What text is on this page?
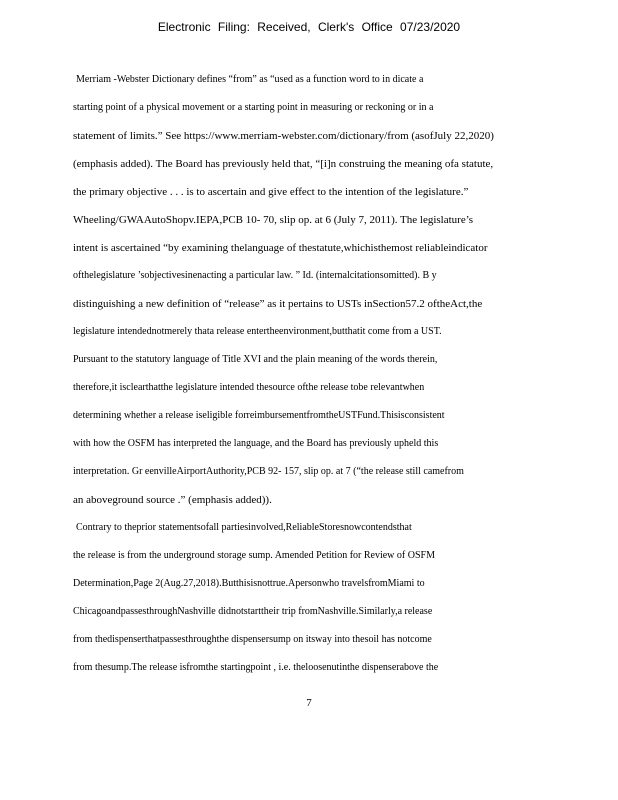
Electronic Filing: Received, Clerk's Office 07/23/2020
Merriam -Webster Dictionary defines “from” as “used as a function word to in dicate a
starting point of a physical movement or a starting point in measuring or reckoning or in a
statement of limits.” See https://www.merriam-webster.com/dictionary/from (asofJuly 22,2020)
(emphasis added). The Board has previously held that, “[i]n construing the meaning ofa statute,
the primary objective . . . is to ascertain and give effect to the intention of the legislature.”
Wheeling/GWAAutoShopv.IEPA,PCB 10- 70, slip op. at 6 (July 7, 2011). The legislature’s
intent is ascertained “by examining thelanguage of thestatute,whichisthemost reliableindicator
ofthelegislature ’sobjectivesinenacting a particular law. ” Id. (internalcitationsomitted). B y
distinguishing a new definition of “release” as it pertains to USTs inSection57.2 oftheAct,the
legislature intendednotmerely thata release entertheenvironment,butthatit come from a UST.
Pursuant to the statutory language of Title XVI and the plain meaning of the words therein,
therefore,it isclearthatthe legislature intended thesource ofthe release tobe relevantwhen
determining whether a release iseligible forreimbursementfromtheUSTFund.Thisisconsistent
with how the OSFM has interpreted the language, and the Board has previously upheld this
interpretation. Gr eenvilleAirportAuthority,PCB 92- 157, slip op. at 7 (“the release still camefrom
an aboveground source .” (emphasis added)).
Contrary to theprior statementsofall partiesinvolved,ReliableStoresnowcontendsthat
the release is from the underground storage sump. Amended Petition for Review of OSFM
Determination,Page 2(Aug.27,2018).Butthisisnottrue.Apersonwho travelsfromMiami to
ChicagoandpassesthroughNashville didnotstarttheir trip fromNashville.Similarly,a release
from thedispenserthatpassesthroughthe dispensersump on itsway into thesoil has notcome
from thesump.The release isfromthe startingpoint , i.e. theloosenutinthe dispenserabove the
7
